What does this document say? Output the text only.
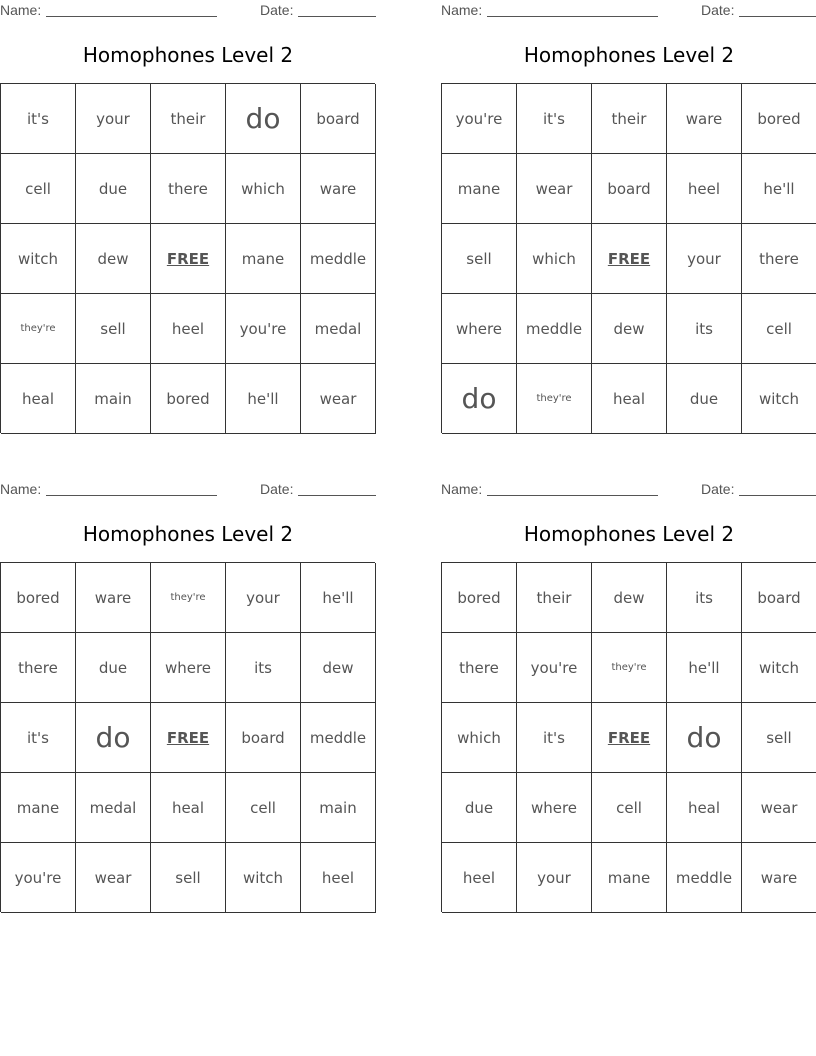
Name:	Date:
Homophones Level 2
it's	your	their	do	board
cell	due	there	which	ware
witch	dew	FREE	mane	meddle
they're	sell	heel	you're	medal
heal	main	bored	he'll	wear
Name:	Date:
Homophones Level 2
you're	it's	their	ware	bored
mane	wear	board	heel	he'll
sell	which	FREE	your	there
where	meddle	dew	its	cell
do	they're	heal	due	witch
Name:	Date:
Homophones Level 2
bored	ware	they're	your	he'll
there	due	where	its	dew
it's	do	FREE	board	meddle
mane	medal	heal	cell	main
you're	wear	sell	witch	heel
Name:	Date:
Homophones Level 2
bored	their	dew	its	board
there	you're	they're	he'll	witch
which	it's	FREE	do	sell
due	where	cell	heal	wear
heel	your	mane	meddle	ware
